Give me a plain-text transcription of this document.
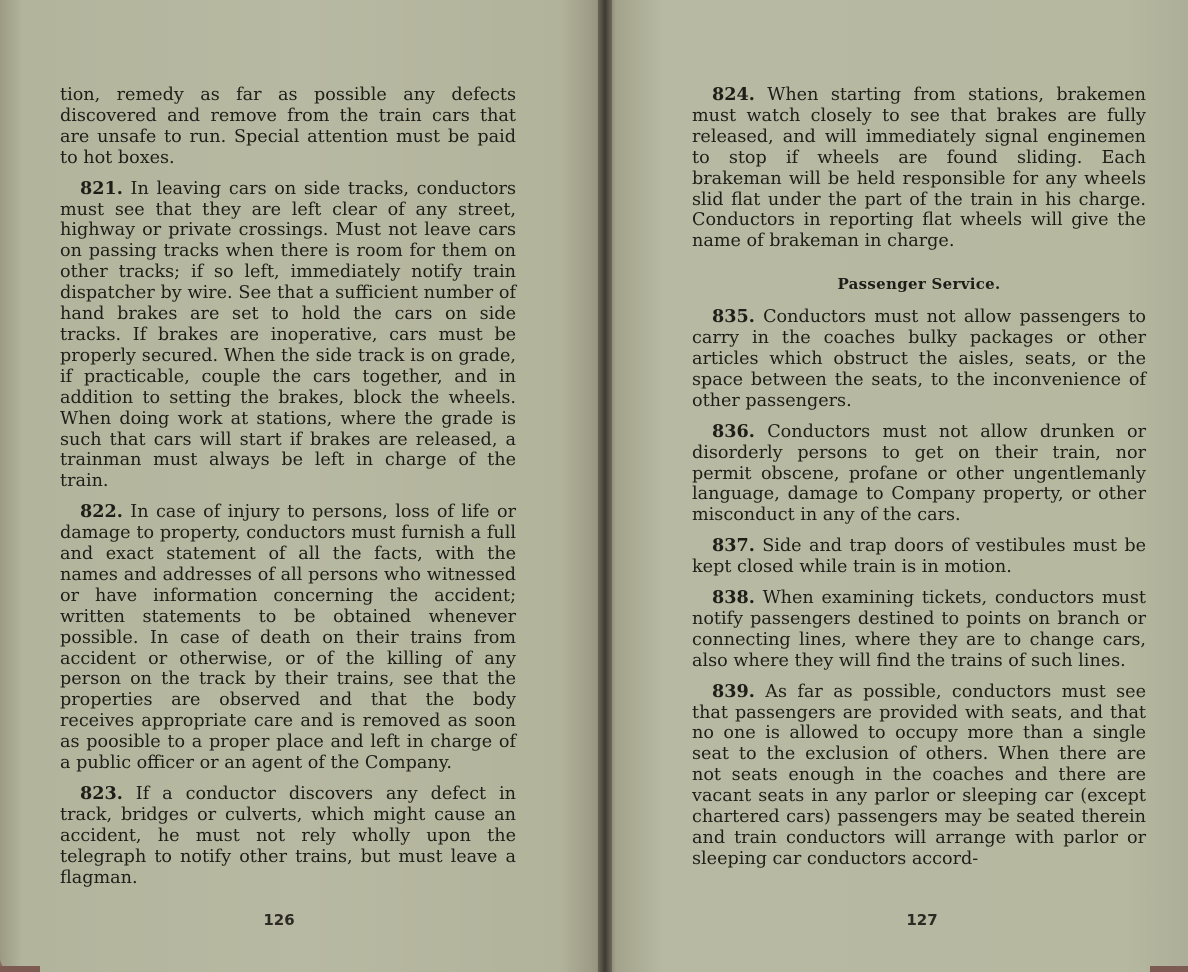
tion, remedy as far as possible any defects discovered and remove from the train cars that are unsafe to run. Special attention must be paid to hot boxes.

821. In leaving cars on side tracks, conductors must see that they are left clear of any street, highway or private crossings. Must not leave cars on passing tracks when there is room for them on other tracks; if so left, immediately notify train dispatcher by wire. See that a sufficient number of hand brakes are set to hold the cars on side tracks. If brakes are inoperative, cars must be properly secured. When the side track is on grade, if practicable, couple the cars together, and in addition to setting the brakes, block the wheels. When doing work at stations, where the grade is such that cars will start if brakes are released, a trainman must always be left in charge of the train.

822. In case of injury to persons, loss of life or damage to property, conductors must furnish a full and exact statement of all the facts, with the names and addresses of all persons who witnessed or have information concerning the accident; written statements to be obtained whenever possible. In case of death on their trains from accident or otherwise, or of the killing of any person on the track by their trains, see that the properties are observed and that the body receives appropriate care and is removed as soon as poosible to a proper place and left in charge of a public officer or an agent of the Company.

823. If a conductor discovers any defect in track, bridges or culverts, which might cause an accident, he must not rely wholly upon the telegraph to notify other trains, but must leave a flagman.

126

824. When starting from stations, brakemen must watch closely to see that brakes are fully released, and will immediately signal enginemen to stop if wheels are found sliding. Each brakeman will be held responsible for any wheels slid flat under the part of the train in his charge. Conductors in reporting flat wheels will give the name of brakeman in charge.

Passenger Service.

835. Conductors must not allow passengers to carry in the coaches bulky packages or other articles which obstruct the aisles, seats, or the space between the seats, to the inconvenience of other passengers.

836. Conductors must not allow drunken or disorderly persons to get on their train, nor permit obscene, profane or other ungentlemanly language, damage to Company property, or other misconduct in any of the cars.

837. Side and trap doors of vestibules must be kept closed while train is in motion.

838. When examining tickets, conductors must notify passengers destined to points on branch or connecting lines, where they are to change cars, also where they will find the trains of such lines.

839. As far as possible, conductors must see that passengers are provided with seats, and that no one is allowed to occupy more than a single seat to the exclusion of others. When there are not seats enough in the coaches and there are vacant seats in any parlor or sleeping car (except chartered cars) passengers may be seated therein and train conductors will arrange with parlor or sleeping car conductors accord-

127
